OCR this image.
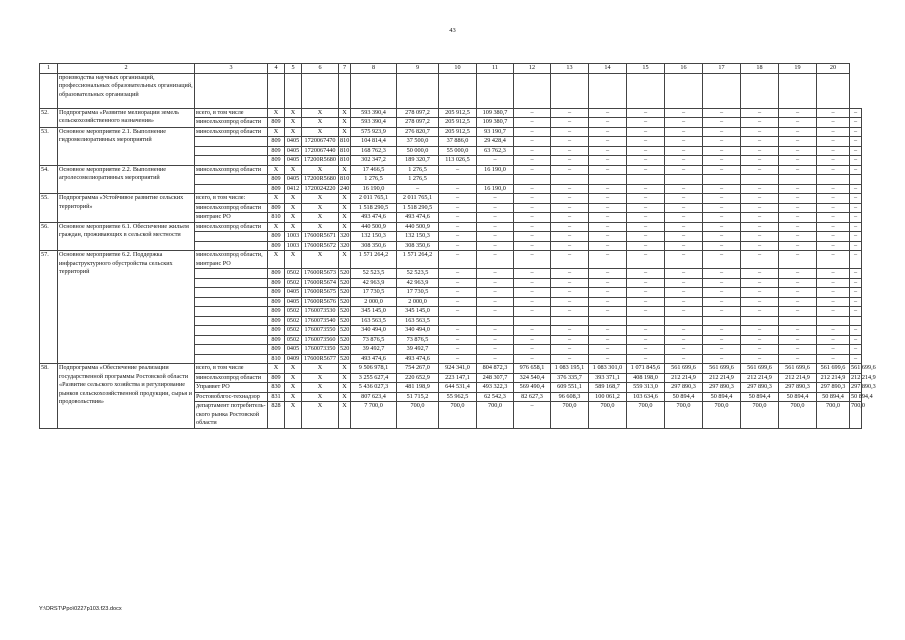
43
1	2	3	4	5	6	7	8	9	10	11	12	13	14	15	16	17	18	19	20	
	производства научных организаций, профессиональных образовательных организаций, образовательных организаций																			
52.	Подпрограмма «Развитие мелиорации земель сельскохозяйственного назначения»	всего, в том числе	X	X	X	X	593 390,4	278 097,2	205 912,5	109 380,7	–	–	–	–	–	–	–	–	–	–
		минсельхозпрод области	809	X	X	X	593 390,4	278 097,2	205 912,5	109 380,7	–	–	–	–	–	–	–	–	–	–
53.	Основное мероприятие 2.1. Выполнение гидромелиоративных мероприятий	минсельхозпрод области	X	X	X	X	575 923,9	276 820,7	205 912,5	93 190,7	–	–	–	–	–	–	–	–	–	–
			809	0405	1720067470	810	104 814,4	37 500,0	37 886,0	29 428,4	–	–	–	–	–	–	–	–	–	–
			809	0405	1720067440	810	168 762,3	50 000,0	55 000,0	63 762,3	–	–	–	–	–	–	–	–	–	–
			809	0405	17200R5680	810	302 347,2	189 320,7	113 026,5	–	–	–	–	–	–	–	–	–	–	–
54.	Основное мероприятие 2.2. Выполнение агролесомелиоративных мероприятий	минсельхозпрод области	X	X	X	X	17 466,5	1 276,5	–	16 190,0	–	–	–	–	–	–	–	–	–	–
			809	0405	17200R5680	810	1 276,5	1 276,5												
			809	0412	1720024220	240	16 190,0	–	–	16 190,0	–	–	–	–	–	–	–	–	–	–
55.	Подпрограмма «Устойчивое развитие сельских территорий»	всего, в том числе:	X	X	X	X	2 011 765,1	2 011 765,1	–	–	–	–	–	–	–	–	–	–	–	–
		минсельхозпрод области	809	X	X	X	1 518 290,5	1 518 290,5	–	–	–	–	–	–	–	–	–	–	–	–
		минтранс РО	810	X	X	X	493 474,6	493 474,6	–	–	–	–	–	–	–	–	–	–	–	–
56.	Основное мероприятие 6.1. Обеспечение жильем граждан, проживающих в сельской местности	минсельхозпрод области	X	X	X	X	440 500,9	440 500,9	–	–	–	–	–	–	–	–	–	–	–	–
			809	1003	17600R5671	320	132 150,3	132 150,3	–	–	–	–	–	–	–	–	–	–	–	–
			809	1003	17600R5672	320	308 350,6	308 350,6	–	–	–	–	–	–	–	–	–	–	–	–
57.	Основное мероприятие 6.2. Поддержка инфраструктурного обустройства сельских территорий	минсельхозпрод области, минтранс РО	X	X	X	X	1 571 264,2	1 571 264,2	–	–	–	–	–	–	–	–	–	–	–	–
			809	0502	17600R5673	520	52 523,5	52 523,5	–	–	–	–	–	–	–	–	–	–	–	–
			809	0502	17600R5674	520	42 963,9	42 963,9	–	–	–	–	–	–	–	–	–	–	–	–
			809	0405	17600R5675	520	17 730,5	17 730,5	–	–	–	–	–	–	–	–	–	–	–	–
			809	0405	17600R5676	520	2 000,0	2 000,0	–	–	–	–	–	–	–	–	–	–	–	–
			809	0502	1760073530	520	345 145,0	345 145,0	–	–	–	–	–	–	–	–	–	–	–	–
			809	0502	1760073540	520	163 563,5	163 563,5												
			809	0502	1760073550	520	340 494,0	340 494,0	–	–	–	–	–	–	–	–	–	–	–	–
			809	0502	1760073560	520	73 876,5	73 876,5	–	–	–	–	–	–	–	–	–	–	–	–
			809	0405	1760073350	520	39 492,7	39 492,7	–	–	–	–	–	–	–	–	–	–	–	–
			810	0409	17600R5677	520	493 474,6	493 474,6	–	–	–	–	–	–	–	–	–	–	–	–
58.	Подпрограмма «Обеспечение реализации государственной программы Ростовской области «Развитие сельского хозяйства и регулирование рынков сельскохозяйственной продукции, сырья и продовольствия»	всего, в том числе	X	X	X	X	9 506 978,1	754 267,0	924 341,0	804 872,3	976 658,1	1 083 195,1	1 083 301,0	1 071 845,6	561 699,6	561 699,6	561 699,6	561 699,6	561 699,6	561 699,6
		минсельхозпрод области	809	X	X	X	3 255 627,4	220 652,9	223 147,1	248 307,7	324 540,4	376 335,7	393 371,1	408 198,0	212 214,9	212 214,9	212 214,9	212 214,9	212 214,9	212 214,9
		Управвет РО	830	X	X	X	5 436 027,3	481 198,9	644 531,4	493 322,3	569 490,4	609 551,1	589 168,7	559 313,0	297 890,3	297 890,3	297 890,3	297 890,3	297 890,3	297 890,3
		Ростовоблгос-технадзор	831	X	X	X	807 623,4	51 715,2	55 962,5	62 542,3	82 627,3	96 608,3	100 061,2	103 634,6	50 894,4	50 894,4	50 894,4	50 894,4	50 894,4	50 894,4
		департамент потребитель-ского рынка Ростовской области	828	X	X	X	7 700,0	700,0	700,0	700,0	–	700,0	700,0	700,0	700,0	700,0	700,0	700,0	700,0	700,0
Y:\ORST\Ppo\0227p103.f23.docx
